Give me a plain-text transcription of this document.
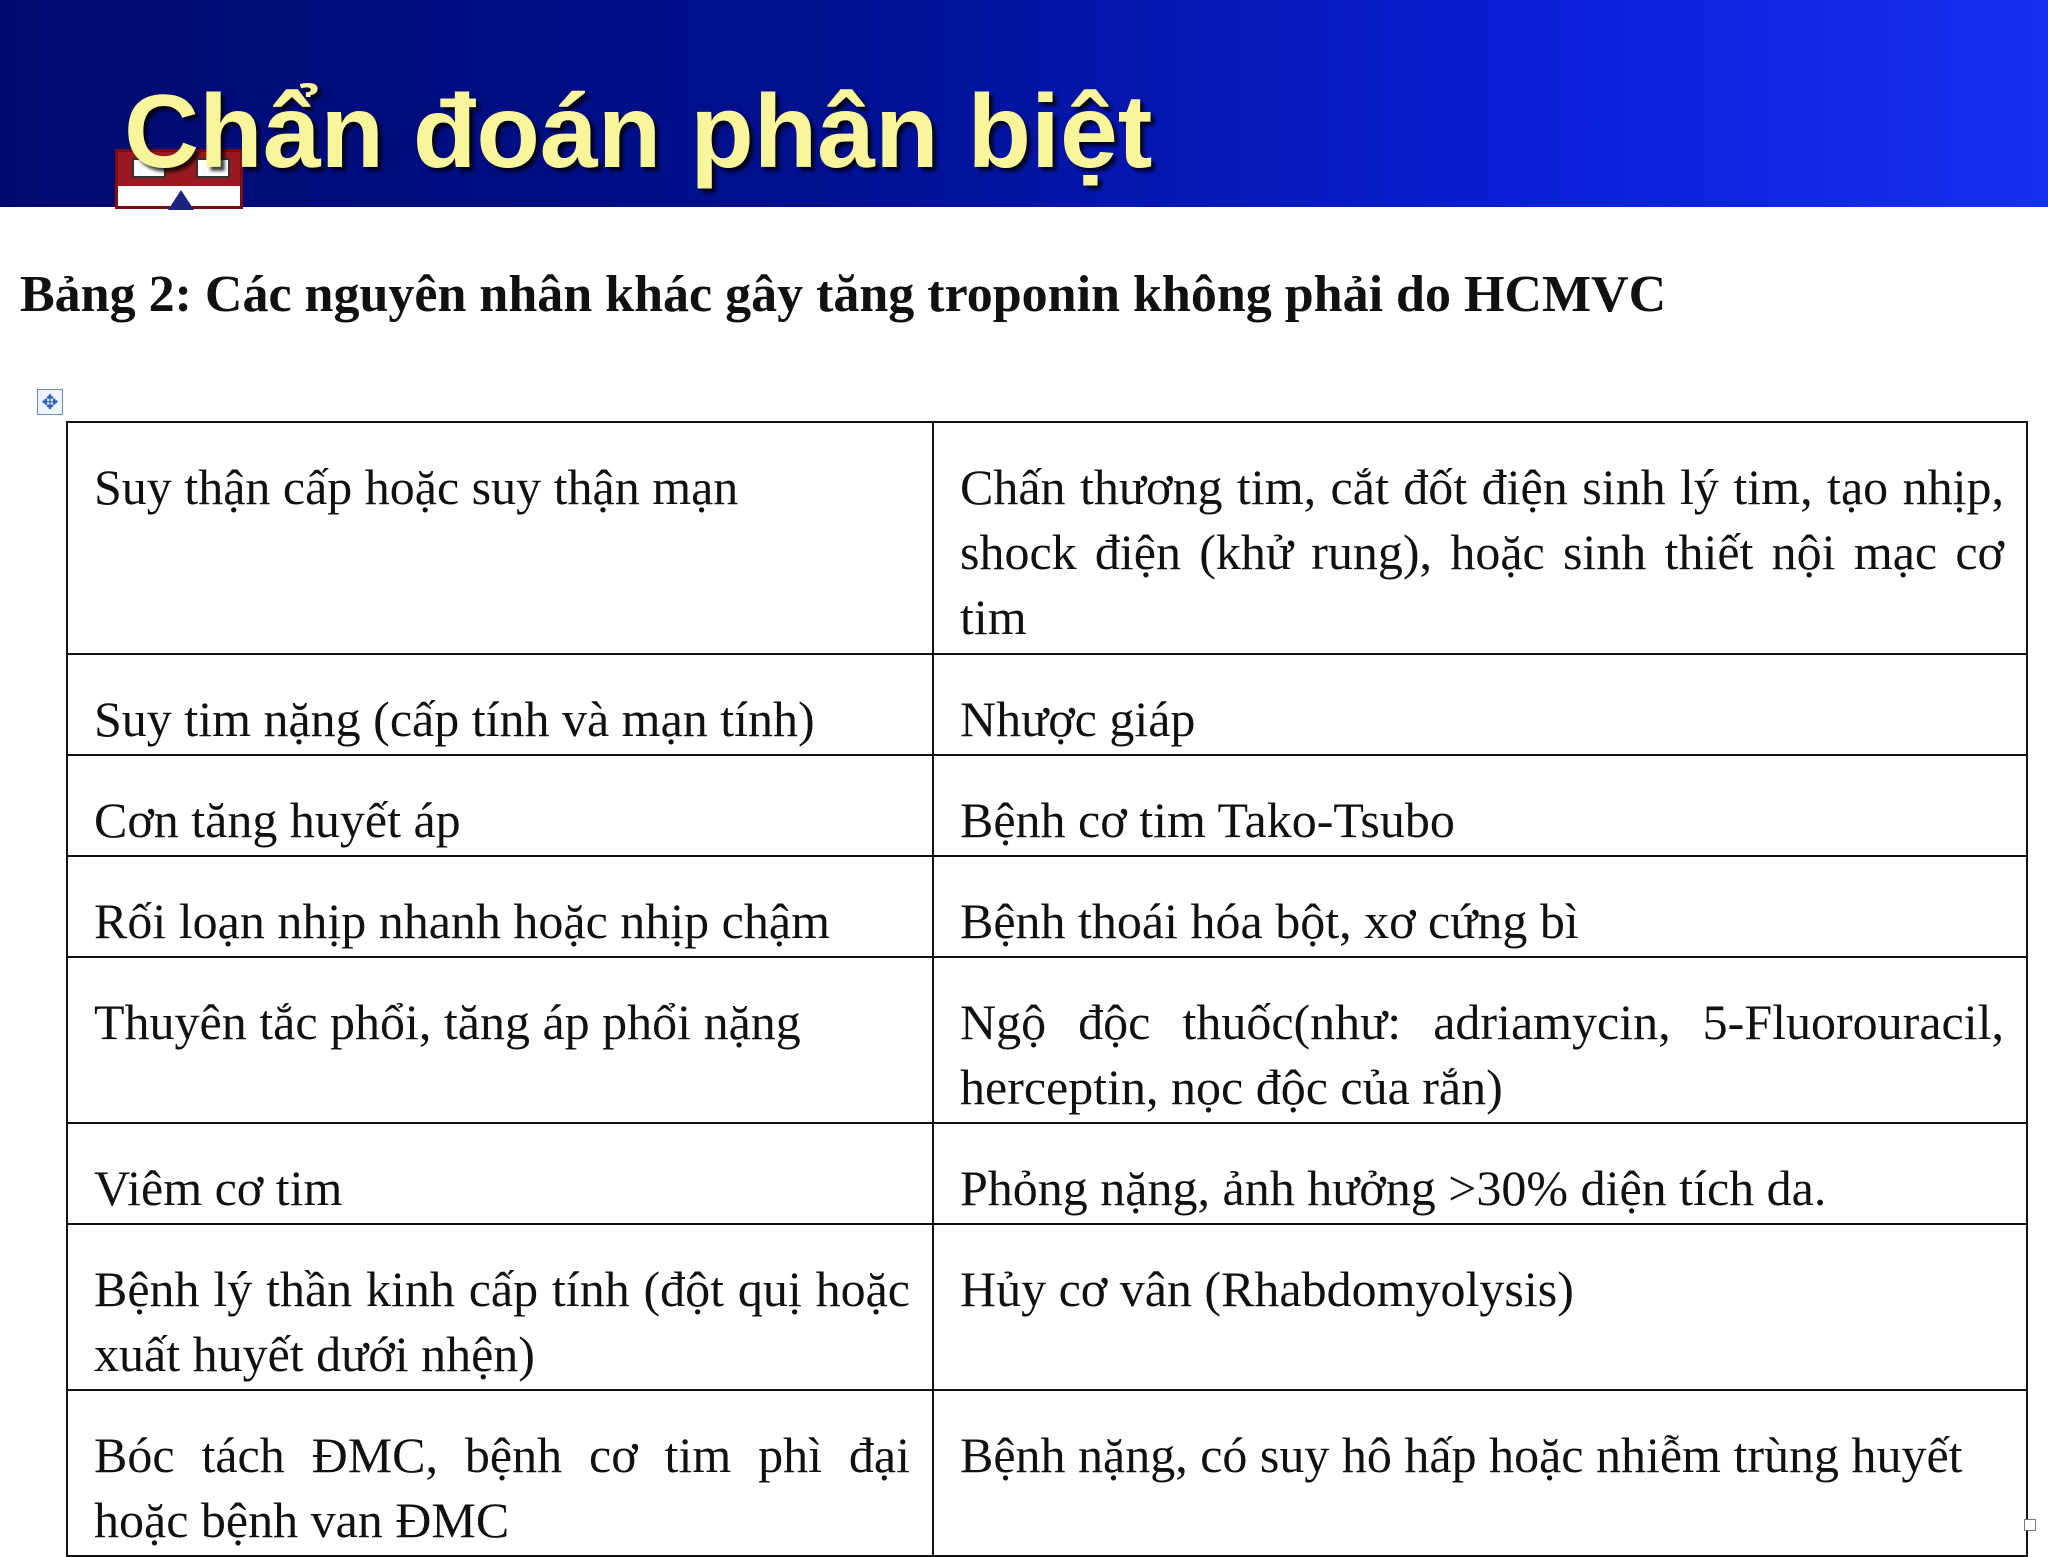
Chẩn đoán phân biệt

Bảng 2: Các nguyên nhân khác gây tăng troponin không phải do HCMVC

✥
Suy thận cấp hoặc suy thận mạn	Chấn thương tim, cắt đốt điện sinh lý tim, tạo nhịp, shock điện (khử rung), hoặc sinh thiết nội mạc cơ tim
Suy tim nặng (cấp tính và mạn tính)	Nhược giáp
Cơn tăng huyết áp	Bệnh cơ tim Tako-Tsubo
Rối loạn nhịp nhanh hoặc nhịp chậm	Bệnh thoái hóa bột, xơ cứng bì
Thuyên tắc phổi, tăng áp phổi nặng	Ngộ độc thuốc(như: adriamycin, 5-Fluorouracil, herceptin, nọc độc của rắn)
Viêm cơ tim	Phỏng nặng, ảnh hưởng >30% diện tích da.
Bệnh lý thần kinh cấp tính (đột quị hoặc xuất huyết dưới nhện)	Hủy cơ vân (Rhabdomyolysis)
Bóc tách ĐMC, bệnh cơ tim phì đại hoặc bệnh van ĐMC	Bệnh nặng, có suy hô hấp hoặc nhiễm trùng huyết
